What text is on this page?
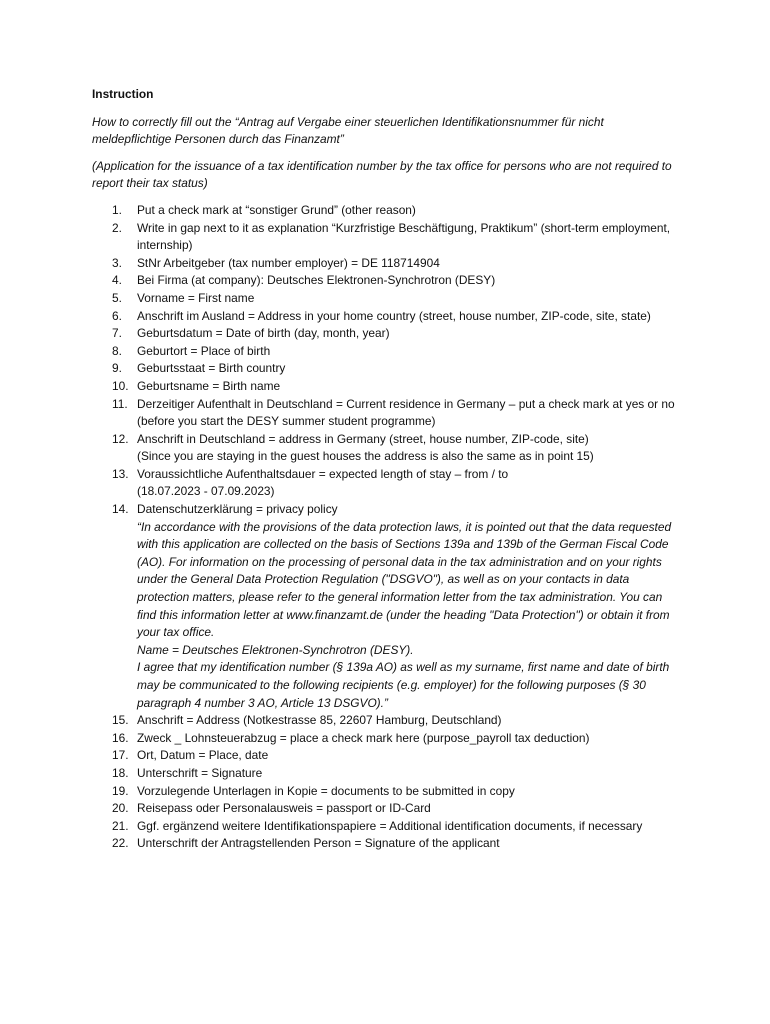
Instruction
How to correctly fill out the “Antrag auf Vergabe einer steuerlichen Identifikationsnummer für nicht meldepflichtige Personen durch das Finanzamt”
(Application for the issuance of a tax identification number by the tax office for persons who are not required to report their tax status)
1.	Put a check mark at “sonstiger Grund” (other reason)
2.	Write in gap next to it as explanation “Kurzfristige Beschäftigung, Praktikum” (short-term employment, internship)
3.	StNr Arbeitgeber (tax number employer) = DE 118714904
4.	Bei Firma (at company): Deutsches Elektronen-Synchrotron (DESY)
5.	Vorname = First name
6.	Anschrift im Ausland = Address in your home country (street, house number, ZIP-code, site, state)
7.	Geburtsdatum = Date of birth (day, month, year)
8.	Geburtort = Place of birth
9.	Geburtsstaat = Birth country
10. Geburtsname = Birth name
11. Derzeitiger Aufenthalt in Deutschland = Current residence in Germany – put a check mark at yes or no (before you start the DESY summer student programme)
12. Anschrift in Deutschland = address in Germany (street, house number, ZIP-code, site)
(Since you are staying in the guest houses the address is also the same as in point 15)
13. Voraussichtliche Aufenthaltsdauer = expected length of stay – from / to
(18.07.2023 - 07.09.2023)
14. Datenschutzerklärung = privacy policy
“In accordance with the provisions of the data protection laws, it is pointed out that the data requested with this application are collected on the basis of Sections 139a and 139b of the German Fiscal Code (AO). For information on the processing of personal data in the tax administration and on your rights under the General Data Protection Regulation ("DSGVO"), as well as on your contacts in data protection matters, please refer to the general information letter from the tax administration. You can find this information letter at www.finanzamt.de (under the heading "Data Protection") or obtain it from your tax office.
Name = Deutsches Elektronen-Synchrotron (DESY).
I agree that my identification number (§ 139a AO) as well as my surname, first name and date of birth may be communicated to the following recipients (e.g. employer) for the following purposes (§ 30 paragraph 4 number 3 AO, Article 13 DSGVO).”
15. Anschrift = Address (Notkestrasse 85, 22607 Hamburg, Deutschland)
16. Zweck _ Lohnsteuerabzug = place a check mark here (purpose_payroll tax deduction)
17. Ort, Datum = Place, date
18. Unterschrift = Signature
19. Vorzulegende Unterlagen in Kopie = documents to be submitted in copy
20. Reisepass oder Personalausweis = passport or ID-Card
21. Ggf. ergänzend weitere Identifikationspapiere = Additional identification documents, if necessary
22. Unterschrift der Antragstellenden Person = Signature of the applicant
